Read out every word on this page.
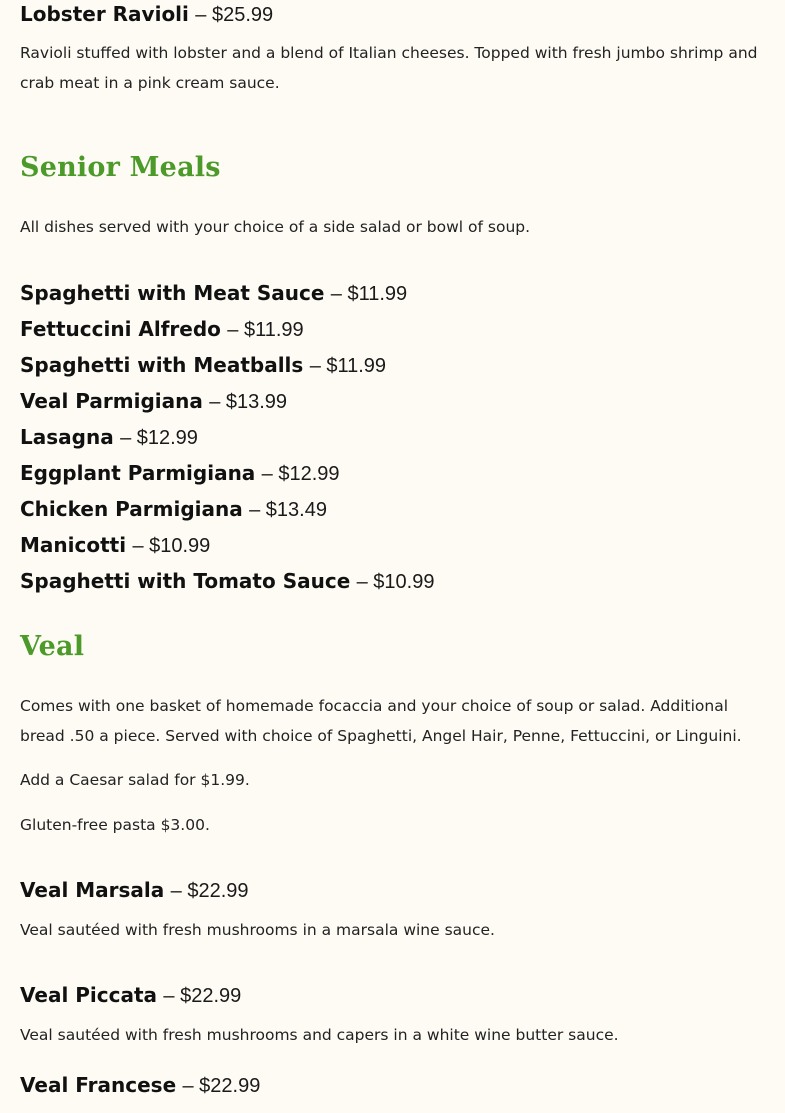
Lobster Ravioli – $25.99

Ravioli stuffed with lobster and a blend of Italian cheeses. Topped with fresh jumbo shrimp and crab meat in a pink cream sauce.

Senior Meals

All dishes served with your choice of a side salad or bowl of soup.

Spaghetti with Meat Sauce – $11.99
Fettuccini Alfredo – $11.99
Spaghetti with Meatballs – $11.99
Veal Parmigiana – $13.99
Lasagna – $12.99
Eggplant Parmigiana – $12.99
Chicken Parmigiana – $13.49
Manicotti – $10.99
Spaghetti with Tomato Sauce – $10.99
Veal

Comes with one basket of homemade focaccia and your choice of soup or salad. Additional bread .50 a piece. Served with choice of Spaghetti, Angel Hair, Penne, Fettuccini, or Linguini.

Add a Caesar salad for $1.99.

Gluten-free pasta $3.00.

Veal Marsala – $22.99

Veal sautéed with fresh mushrooms in a marsala wine sauce.

Veal Piccata – $22.99

Veal sautéed with fresh mushrooms and capers in a white wine butter sauce.

Veal Francese – $22.99
